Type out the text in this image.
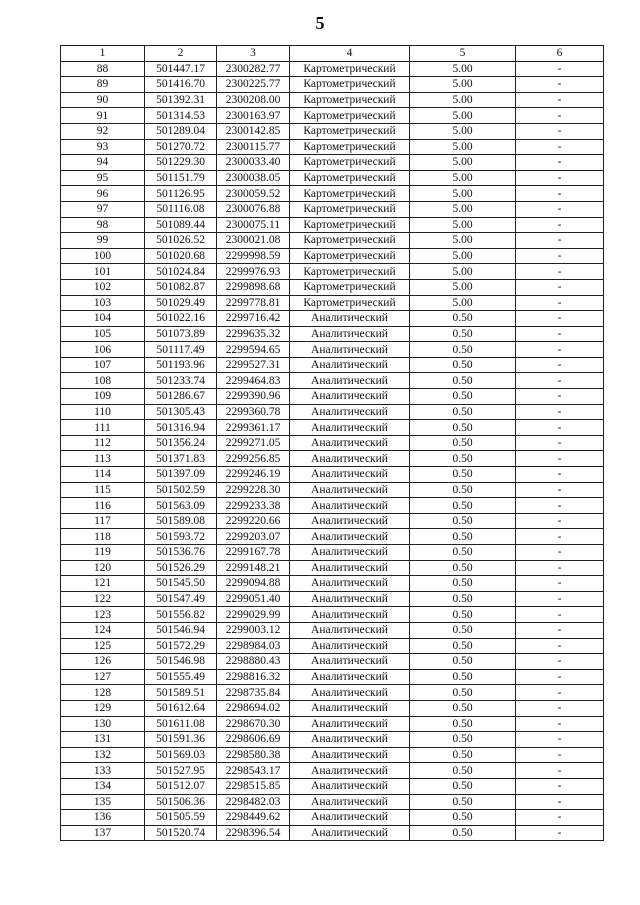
5
1	2	3	4	5	6
88	501447.17	2300282.77	Картометрический	5.00	-
89	501416.70	2300225.77	Картометрический	5.00	-
90	501392.31	2300208.00	Картометрический	5.00	-
91	501314.53	2300163.97	Картометрический	5.00	-
92	501289.04	2300142.85	Картометрический	5.00	-
93	501270.72	2300115.77	Картометрический	5.00	-
94	501229.30	2300033.40	Картометрический	5.00	-
95	501151.79	2300038.05	Картометрический	5.00	-
96	501126.95	2300059.52	Картометрический	5.00	-
97	501116.08	2300076.88	Картометрический	5.00	-
98	501089.44	2300075.11	Картометрический	5.00	-
99	501026.52	2300021.08	Картометрический	5.00	-
100	501020.68	2299998.59	Картометрический	5.00	-
101	501024.84	2299976.93	Картометрический	5.00	-
102	501082.87	2299898.68	Картометрический	5.00	-
103	501029.49	2299778.81	Картометрический	5.00	-
104	501022.16	2299716.42	Аналитический	0.50	-
105	501073.89	2299635.32	Аналитический	0.50	-
106	501117.49	2299594.65	Аналитический	0.50	-
107	501193.96	2299527.31	Аналитический	0.50	-
108	501233.74	2299464.83	Аналитический	0.50	-
109	501286.67	2299390.96	Аналитический	0.50	-
110	501305.43	2299360.78	Аналитический	0.50	-
111	501316.94	2299361.17	Аналитический	0.50	-
112	501356.24	2299271.05	Аналитический	0.50	-
113	501371.83	2299256.85	Аналитический	0.50	-
114	501397.09	2299246.19	Аналитический	0.50	-
115	501502.59	2299228.30	Аналитический	0.50	-
116	501563.09	2299233.38	Аналитический	0.50	-
117	501589.08	2299220.66	Аналитический	0.50	-
118	501593.72	2299203.07	Аналитический	0.50	-
119	501536.76	2299167.78	Аналитический	0.50	-
120	501526.29	2299148.21	Аналитический	0.50	-
121	501545.50	2299094.88	Аналитический	0.50	-
122	501547.49	2299051.40	Аналитический	0.50	-
123	501556.82	2299029.99	Аналитический	0.50	-
124	501546.94	2299003.12	Аналитический	0.50	-
125	501572.29	2298984.03	Аналитический	0.50	-
126	501546.98	2298880.43	Аналитический	0.50	-
127	501555.49	2298816.32	Аналитический	0.50	-
128	501589.51	2298735.84	Аналитический	0.50	-
129	501612.64	2298694.02	Аналитический	0.50	-
130	501611.08	2298670.30	Аналитический	0.50	-
131	501591.36	2298606.69	Аналитический	0.50	-
132	501569.03	2298580.38	Аналитический	0.50	-
133	501527.95	2298543.17	Аналитический	0.50	-
134	501512.07	2298515.85	Аналитический	0.50	-
135	501506.36	2298482.03	Аналитический	0.50	-
136	501505.59	2298449.62	Аналитический	0.50	-
137	501520.74	2298396.54	Аналитический	0.50	-
